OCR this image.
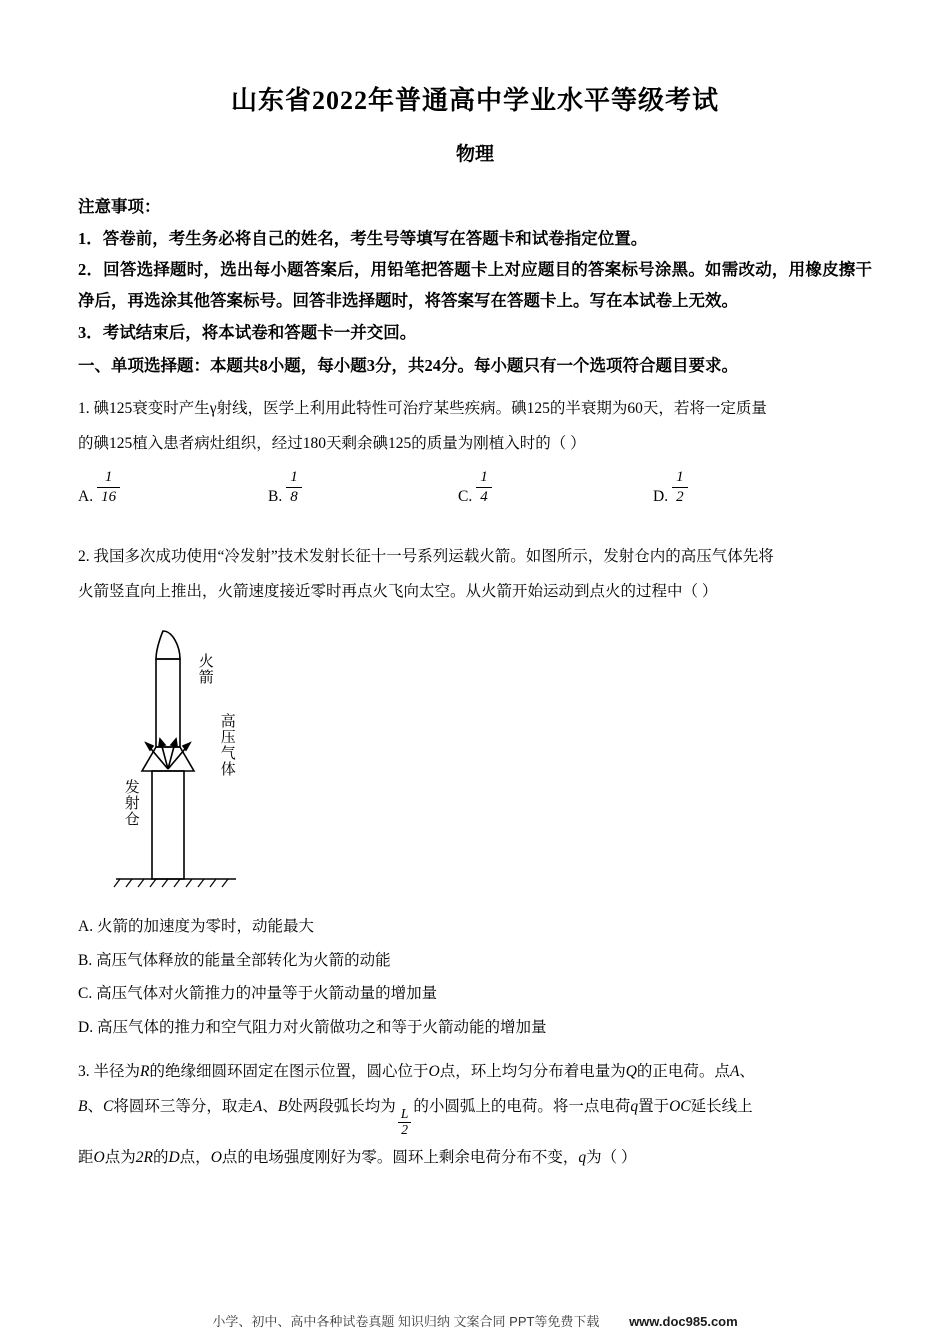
山东省2022年普通高中学业水平等级考试
物理
注意事项：
1．答卷前，考生务必将自己的姓名，考生号等填写在答题卡和试卷指定位置。
2．回答选择题时，选出每小题答案后，用铅笔把答题卡上对应题目的答案标号涂黑。如需改动，用橡皮擦干净后，再选涂其他答案标号。回答非选择题时，将答案写在答题卡上。写在本试卷上无效。
3．考试结束后，将本试卷和答题卡一并交回。
一、单项选择题：本题共8小题，每小题3分，共24分。每小题只有一个选项符合题目要求。
1. 碘125衰变时产生γ射线，医学上利用此特性可治疗某些疾病。碘125的半衰期为60天，若将一定质量
的碘125植入患者病灶组织，经过180天剩余碘125的质量为刚植入时的（ ）
A. $\frac{1}{16}$	B. $\frac{1}{8}$	C. $\frac{1}{4}$	D. $\frac{1}{2}$
2. 我国多次成功使用“冷发射”技术发射长征十一号系列运载火箭。如图所示，发射仓内的高压气体先将
火箭竖直向上推出，火箭速度接近零时再点火飞向太空。从火箭开始运动到点火的过程中（ ）
火箭
高压气体
发射仓
A. 火箭的加速度为零时，动能最大
B. 高压气体释放的能量全部转化为火箭的动能
C. 高压气体对火箭推力的冲量等于火箭动量的增加量
D. 高压气体的推力和空气阻力对火箭做功之和等于火箭动能的增加量
3. 半径为R的绝缘细圆环固定在图示位置，圆心位于O点，环上均匀分布着电量为Q的正电荷。点A、
B、C将圆环三等分，取走A、B处两段弧长均为
$\frac{L}{2}$
的小圆弧上的电荷。将一点电荷q置于OC延长线上
距O点为2R的D点，O点的电场强度刚好为零。圆环上剩余电荷分布不变，q为（ ）
小学、初中、高中各种试卷真题 知识归纳 文案合同 PPT等免费下载 www.doc985.com
